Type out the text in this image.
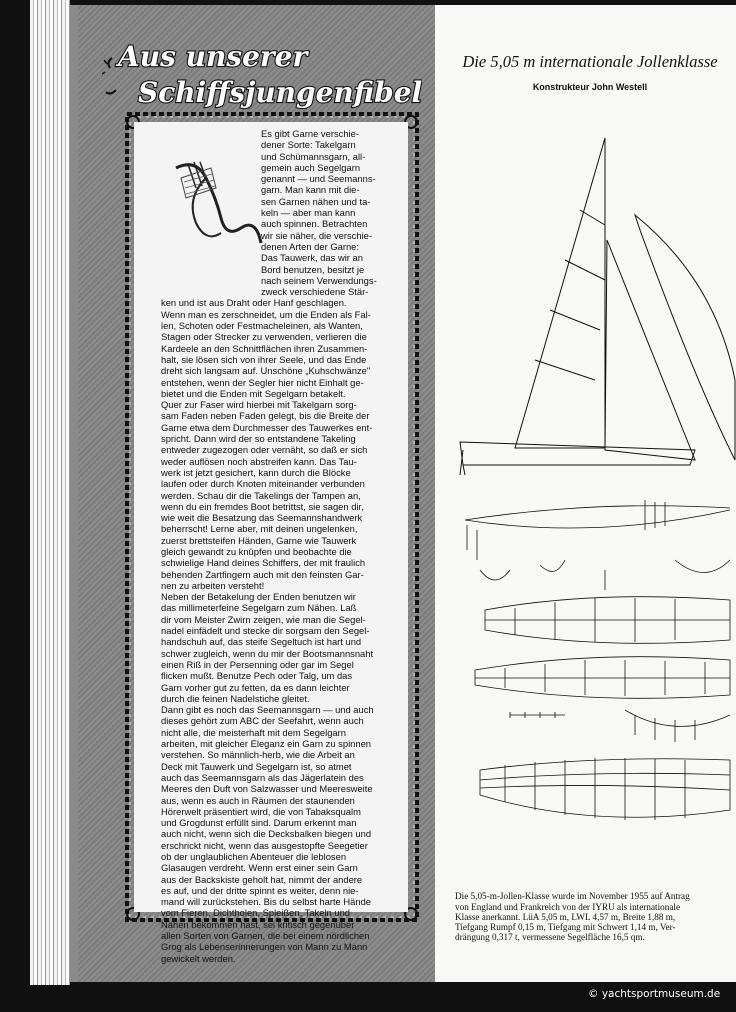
Aus unserer
Schiffsjungenfibel
Es gibt Garne verschie-
dener Sorte: Takelgarn
und Schümannsgarn, all-
gemein auch Segelgarn
genannt — und Seemanns-
garn. Man kann mit die-
sen Garnen nähen und ta-
keln — aber man kann
auch spinnen. Betrachten
wir sie näher, die verschie-
denen Arten der Garne:
Das Tauwerk, das wir an
Bord benutzen, besitzt je
nach seinem Verwendungs-
zweck verschiedene Stär-
ken und ist aus Draht oder Hanf geschlagen.
Wenn man es zerschneidet, um die Enden als Fal-
len, Schoten oder Festmacheleinen, als Wanten,
Stagen oder Strecker zu verwenden, verlieren die
Kardeele an den Schnittflächen ihren Zusammen-
halt, sie lösen sich von ihrer Seele, und das Ende
dreht sich langsam auf. Unschöne „Kuhschwänze"
entstehen, wenn der Segler hier nicht Einhalt ge-
bietet und die Enden mit Segelgarn betakelt.
Quer zur Faser wird hierbei mit Takelgarn sorg-
sam Faden neben Faden gelegt, bis die Breite der
Garne etwa dem Durchmesser des Tauwerkes ent-
spricht. Dann wird der so entstandene Takeling
entweder zugezogen oder vernäht, so daß er sich
weder auflösen noch abstreifen kann. Das Tau-
werk ist jetzt gesichert, kann durch die Blöcke
laufen oder durch Knoten miteinander verbunden
werden. Schau dir die Takelings der Tampen an,
wenn du ein fremdes Boot betrittst, sie sagen dir,
wie weit die Besatzung das Seemannshandwerk
beherrscht! Lerne aber, mit deinen ungelenken,
zuerst brettsteifen Händen, Garne wie Tauwerk
gleich gewandt zu knüpfen und beobachte die
schwielige Hand deines Schiffers, der mit fraulich
behenden Zartfingern auch mit den feinsten Gar-
nen zu arbeiten versteht!
Neben der Betakelung der Enden benutzen wir
das millimeterfeine Segelgarn zum Nähen. Laß
dir vom Meister Zwirn zeigen, wie man die Segel-
nadel einfädelt und stecke dir sorgsam den Segel-
handschuh auf, das steife Segeltuch ist hart und
schwer zugleich, wenn du mir der Bootsmannsnaht
einen Riß in der Persenning oder gar im Segel
flicken mußt. Benutze Pech oder Talg, um das
Garn vorher gut zu fetten, da es dann leichter
durch die feinen Nadelstiche gleitet.
Dann gibt es noch das Seemannsgarn — und auch
dieses gehört zum ABC der Seefahrt, wenn auch
nicht alle, die meisterhaft mit dem Segelgarn
arbeiten, mit gleicher Eleganz ein Garn zu spinnen
verstehen. So männlich-herb, wie die Arbeit an
Deck mit Tauwerk und Segelgarn ist, so atmet
auch das Seemannsgarn als das Jägerlatein des
Meeres den Duft von Salzwasser und Meeresweite
aus, wenn es auch in Räumen der staunenden
Hörerwelt präsentiert wird, die von Tabaksqualm
und Grogdunst erfüllt sind. Darum erkennt man
auch nicht, wenn sich die Decksbalken biegen und
erschrickt nicht, wenn das ausgestopfte Seegetier
ob der unglaublichen Abenteuer die leblosen
Glasaugen verdreht. Wenn erst einer sein Garn
aus der Backskiste geholt hat, nimmt der andere
es auf, und der dritte spinnt es weiter, denn nie-
mand will zurückstehen. Bis du selbst harte Hände
vom Fieren, Dichtholen, Spleißen, Takeln und
Nähen bekommen hast, sei kritisch gegenüber
allen Sorten von Garnen, die bei einem nördlichen
Grog als Lebenserinnerungen von Mann zu Mann
gewickelt werden.
Die 5,05 m internationale Jollenklasse
Konstrukteur John Westell

Die 5,05-m-Jollen-Klasse wurde im November 1955 auf Antrag
von England und Frankreich von der IYRU als internationale
Klasse anerkannt. LüA 5,05 m, LWL 4,57 m, Breite 1,88 m,
Tiefgang Rumpf 0,15 m, Tiefgang mit Schwert 1,14 m, Ver-
drängung 0,317 t, vermessene Segelfläche 16,5 qm.

© yachtsportmuseum.de
